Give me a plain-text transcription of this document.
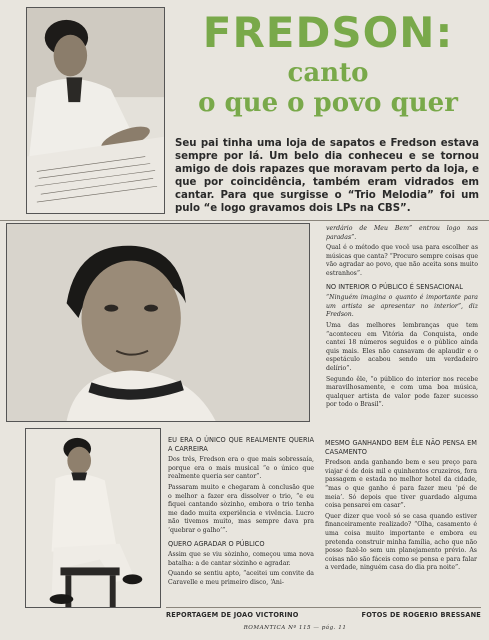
FREDSON:
canto
o que o povo quer
Seu pai tinha uma loja de sapatos e Fredson estava sempre por lá. Um belo dia conheceu e se tornou amigo de dois rapazes que moravam perto da loja, e que por coincidência, também eram vidrados em cantar. Para que surgisse o “Trio Melodia” foi um pulo “e logo gravamos dois LPs na CBS”.

verdário de Meu Bem” entrou logo nas paradas”.

Qual é o método que você usa para escolher as músicas que canta? “Procuro sempre coisas que vão agradar ao povo, que não aceita sons muito estranhos”.

NO INTERIOR O PÚBLICO É SENSACIONAL

“Ninguém imagina o quanto é importante para um artista se apresentar no interior”, diz Fredson.

Uma das melhores lembranças que tem “aconteceu em Vitória da Conquista, onde cantei 18 números seguidos e o público ainda quis mais. Eles não cansavam de aplaudir e o espetáculo acabou sendo um verdadeiro delírio”.

Segundo êle, “o público do interior nos recebe maravilhosamente, e com uma boa música, qualquer artista de valor pode fazer sucesso por todo o Brasil”.

EU ERA O ÚNICO QUE REALMENTE QUERIA A CARREIRA

Dos três, Fredson era o que mais sobressaía, porque era o mais musical “e o único que realmente queria ser cantor”.

Passaram muito e chegaram à conclusão que o melhor a fazer era dissolver o trio, “e eu fiquei cantando sòzinho, embora o trio tenha me dado muita experiência e vivência. Lucro não tivemos muito, mas sempre dava pra ‘quebrar o galho’”.

QUERO AGRADAR O PÚBLICO

Assim que se viu sòzinho, começou uma nova batalha: a de cantar sòzinho e agradar.

Quando se sentiu apto, “aceitei um convite da Caravelle e meu primeiro disco, ‘Ani-

MESMO GANHANDO BEM ÊLE NÃO PENSA EM CASAMENTO

Fredson anda ganhando bem e seu preço para viajar é de dois mil e quinhentos cruzeiros, fora passagem e estada no melhor hotel da cidade, “mas o que ganho é para fazer meu ‘pé de meia’. Só depois que tiver guardado alguma coisa pensarei em casar”.

Quer dizer que você só se casa quando estiver financeiramente realizado? “Olha, casamento é uma coisa muito importante e embora eu pretenda construir minha família, acho que não posso fazê-lo sem um planejamento prévio. As coisas não são fáceis como se pensa e para falar a verdade, ninguém casa do dia pra noite”.

REPORTAGEM DE JOAO VICTORINO	FOTOS DE ROGERIO BRESSANE
ROMANTICA Nº 115 — pág. 11
